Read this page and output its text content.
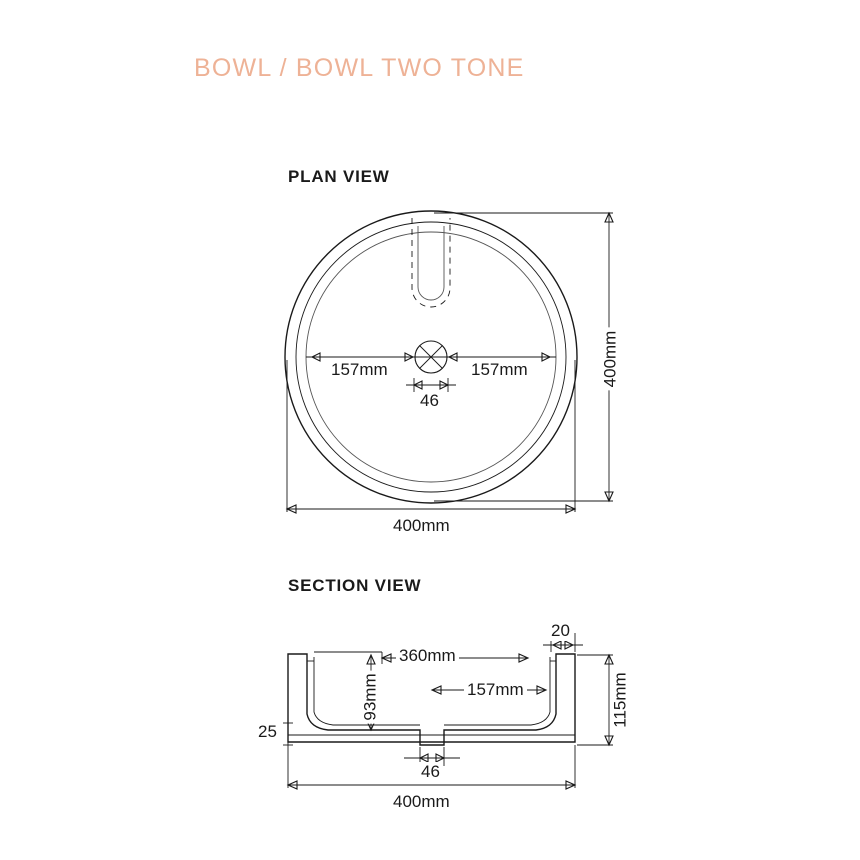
BOWL / BOWL TWO TONE
PLAN VIEW
SECTION VIEW
157mm	157mm
46
400mm
400mm
360mm
157mm
93mm
20
115mm
25
46
400mm
